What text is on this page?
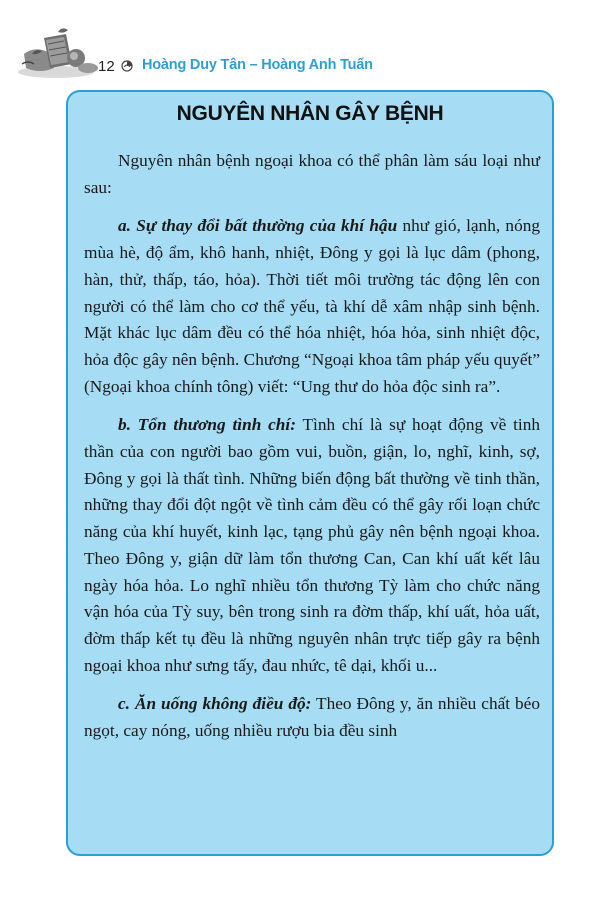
12 Hoàng Duy Tân – Hoàng Anh Tuấn
NGUYÊN NHÂN GÂY BỆNH

Nguyên nhân bệnh ngoại khoa có thể phân làm sáu loại như sau:

a. Sự thay đổi bất thường của khí hậu như gió, lạnh, nóng mùa hè, độ ẩm, khô hanh, nhiệt, Đông y gọi là lục dâm (phong, hàn, thử, thấp, táo, hỏa). Thời tiết môi trường tác động lên con người có thể làm cho cơ thể yếu, tà khí dễ xâm nhập sinh bệnh. Mặt khác lục dâm đều có thể hóa nhiệt, hóa hỏa, sinh nhiệt độc, hỏa độc gây nên bệnh. Chương “Ngoại khoa tâm pháp yếu quyết” (Ngoại khoa chính tông) viết: “Ung thư do hỏa độc sinh ra”.

b. Tổn thương tình chí: Tình chí là sự hoạt động về tinh thần của con người bao gồm vui, buồn, giận, lo, nghĩ, kinh, sợ, Đông y gọi là thất tình. Những biến động bất thường về tinh thần, những thay đổi đột ngột về tình cảm đều có thể gây rối loạn chức năng của khí huyết, kinh lạc, tạng phủ gây nên bệnh ngoại khoa. Theo Đông y, giận dữ làm tổn thương Can, Can khí uất kết lâu ngày hóa hỏa. Lo nghĩ nhiều tổn thương Tỳ làm cho chức năng vận hóa của Tỳ suy, bên trong sinh ra đờm thấp, khí uất, hỏa uất, đờm thấp kết tụ đều là những nguyên nhân trực tiếp gây ra bệnh ngoại khoa như sưng tấy, đau nhức, tê dại, khối u...

c. Ăn uống không điều độ: Theo Đông y, ăn nhiều chất béo ngọt, cay nóng, uống nhiều rượu bia đều sinh
